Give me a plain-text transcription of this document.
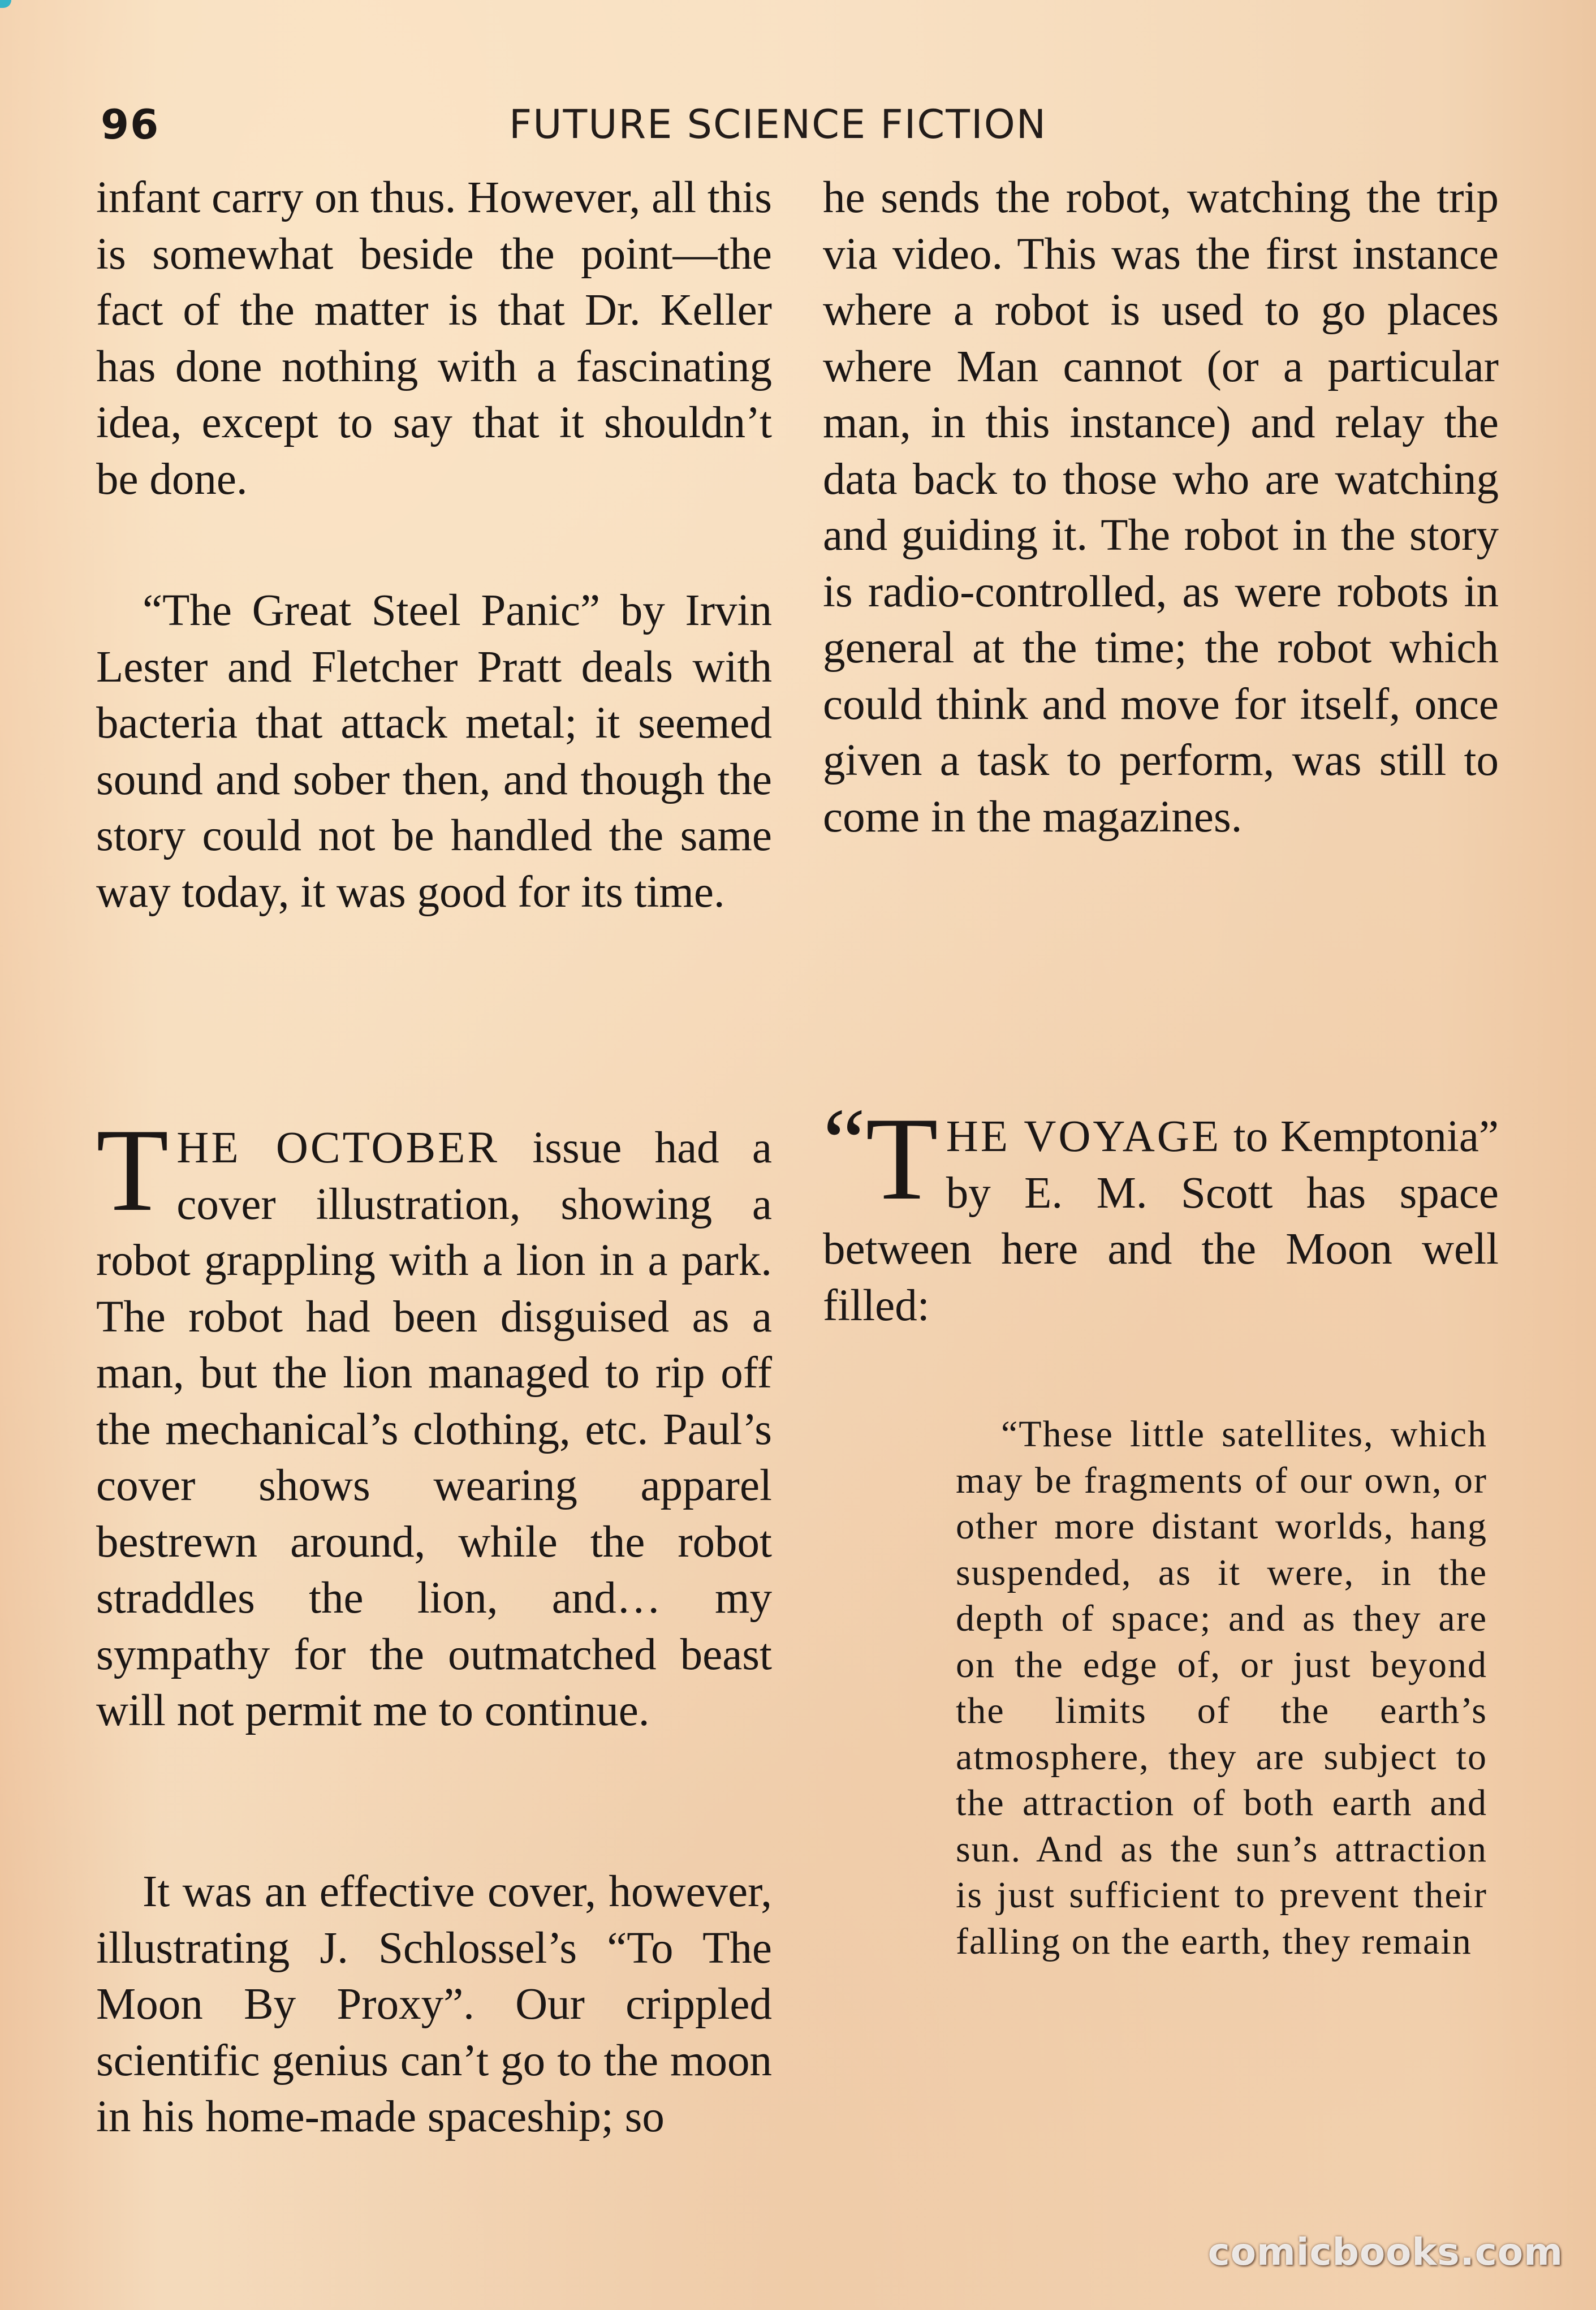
96	FUTURE SCIENCE FICTION

infant carry on thus. However, all this is somewhat beside the point—the fact of the matter is that Dr. Keller has done nothing with a fascinating idea, except to say that it shouldn’t be done.

“The Great Steel Panic” by Irvin Lester and Fletcher Pratt deals with bacteria that attack metal; it seemed sound and sober then, and though the story could not be handled the same way today, it was good for its time.

THE OCTOBER issue had a cover illustration, showing a robot grappling with a lion in a park. The robot had been disguised as a man, but the lion managed to rip off the mechanical’s clothing, etc. Paul’s cover shows wearing apparel bestrewn around, while the robot straddles the lion, and… my sympathy for the outmatched beast will not permit me to continue.

It was an effective cover, however, illustrating J. Schlossel’s “To The Moon By Proxy”. Our crippled scientific genius can’t go to the moon in his home-made spaceship; so

he sends the robot, watching the trip via video. This was the first instance where a robot is used to go places where Man cannot (or a particular man, in this instance) and relay the data back to those who are watching and guiding it. The robot in the story is radio-controlled, as were robots in general at the time; the robot which could think and move for itself, once given a task to perform, was still to come in the magazines.

“ T HE VOYAGE to Kemptonia” by E. M. Scott has space between here and the Moon well filled:

“These little satellites, which may be fragments of our own, or other more distant worlds, hang suspended, as it were, in the depth of space; and as they are on the edge of, or just beyond the limits of the earth’s atmosphere, they are subject to the attraction of both earth and sun. And as the sun’s attraction is just sufficient to prevent their falling on the earth, they remain

comicbooks.com
